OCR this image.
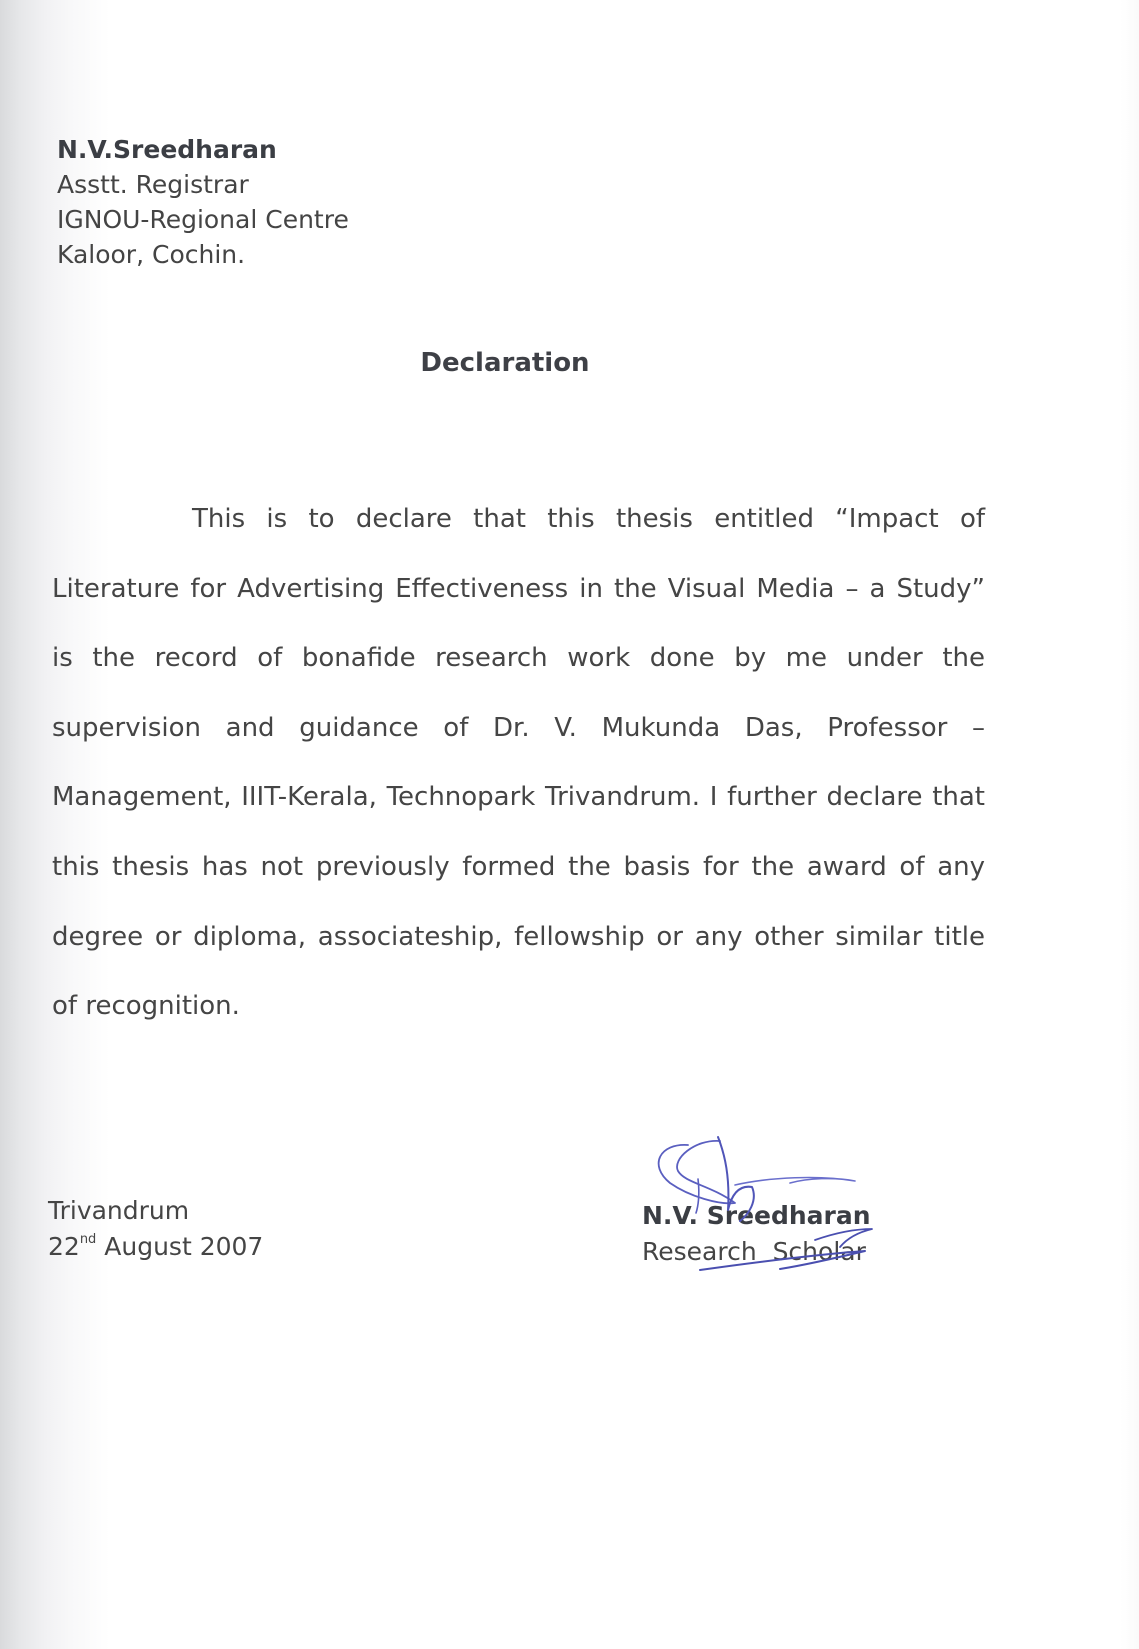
N.V.Sreedharan
Asstt. Registrar
IGNOU-Regional Centre
Kaloor, Cochin.
Declaration
This is to declare that this thesis entitled “Impact of Literature for Advertising Effectiveness in the Visual Media – a Study” is the record of bonafide research work done by me under the supervision and guidance of Dr. V. Mukunda Das, Professor – Management, IIIT-Kerala, Technopark Trivandrum. I further declare that this thesis has not previously formed the basis for the award of any degree or diploma, associateship, fellowship or any other similar title of recognition.
Trivandrum
22nd August 2007
N.V. Sreedharan
Research  Scholar
